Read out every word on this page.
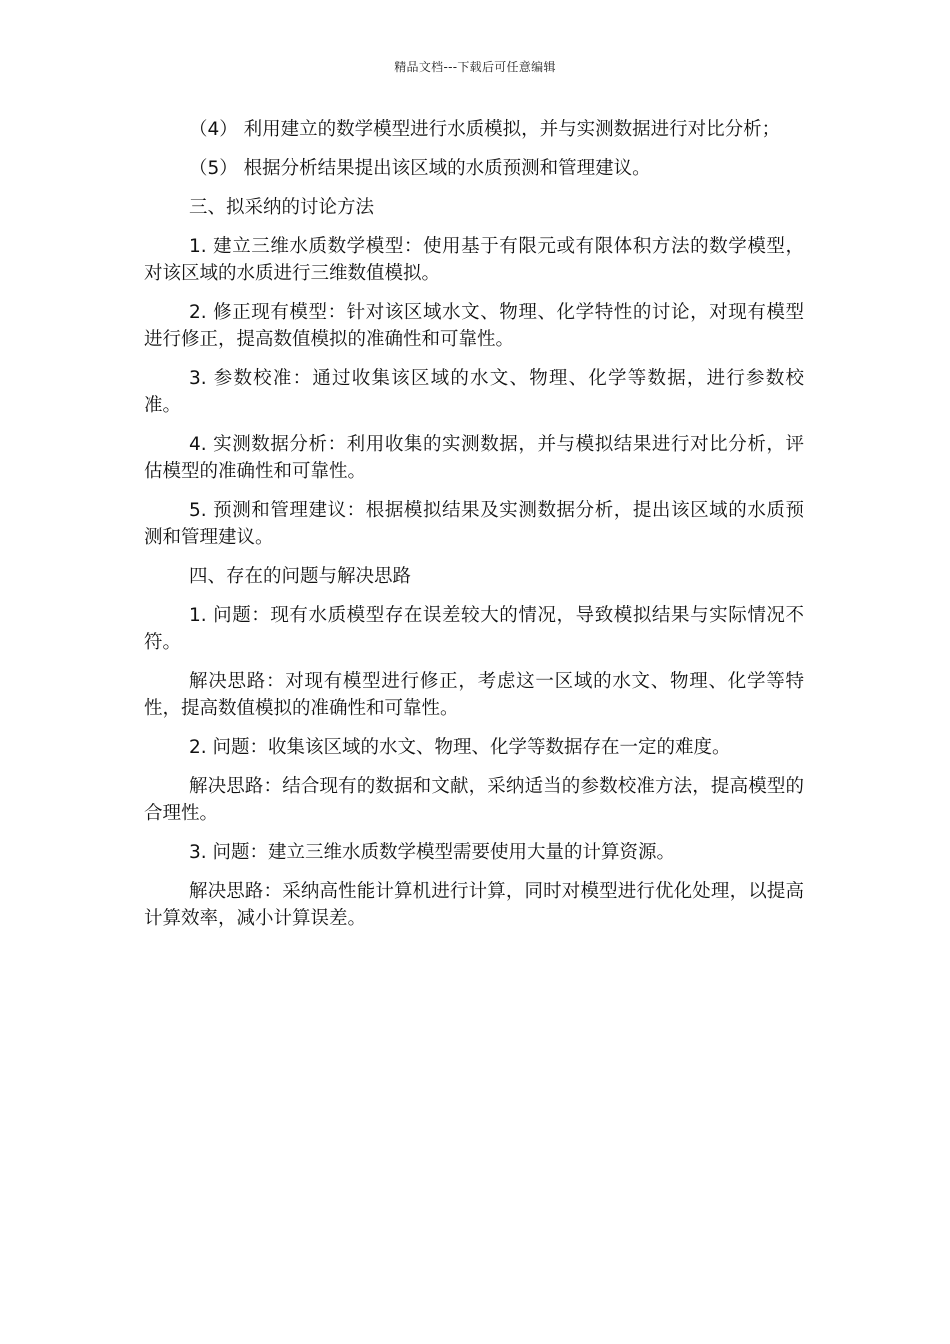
精品文档---下载后可任意编辑

（4） 利用建立的数学模型进行水质模拟，并与实测数据进行对比分析；

（5） 根据分析结果提出该区域的水质预测和管理建议。

三、拟采纳的讨论方法

1. 建立三维水质数学模型：使用基于有限元或有限体积方法的数学模型，对该区域的水质进行三维数值模拟。

2. 修正现有模型：针对该区域水文、物理、化学特性的讨论，对现有模型进行修正，提高数值模拟的准确性和可靠性。

3. 参数校准：通过收集该区域的水文、物理、化学等数据，进行参数校准。

4. 实测数据分析：利用收集的实测数据，并与模拟结果进行对比分析，评估模型的准确性和可靠性。

5. 预测和管理建议：根据模拟结果及实测数据分析，提出该区域的水质预测和管理建议。

四、存在的问题与解决思路

1. 问题：现有水质模型存在误差较大的情况，导致模拟结果与实际情况不符。

解决思路：对现有模型进行修正，考虑这一区域的水文、物理、化学等特性，提高数值模拟的准确性和可靠性。

2. 问题：收集该区域的水文、物理、化学等数据存在一定的难度。

解决思路：结合现有的数据和文献，采纳适当的参数校准方法，提高模型的合理性。

3. 问题：建立三维水质数学模型需要使用大量的计算资源。

解决思路：采纳高性能计算机进行计算，同时对模型进行优化处理，以提高计算效率，减小计算误差。
